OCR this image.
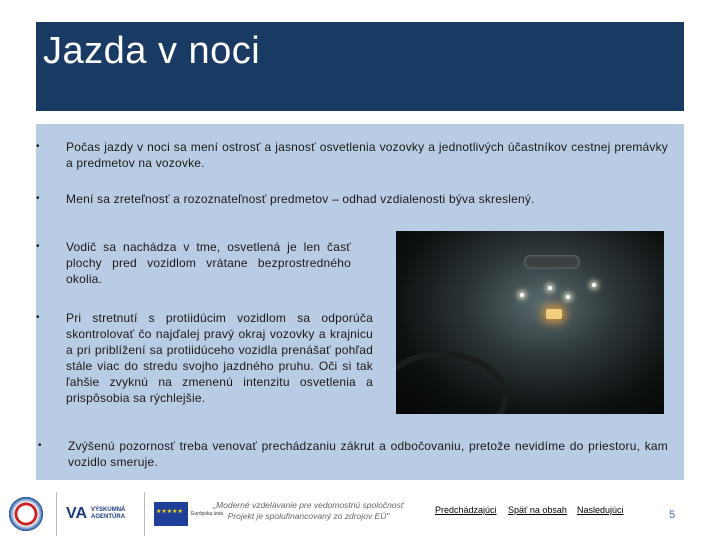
Jazda v noci
• Počas jazdy v noci sa mení ostrosť a jasnosť osvetlenia vozovky a jednotlivých účastníkov cestnej premávky a predmetov na vozovke.
• Mení sa zreteľnosť a rozoznateľnosť predmetov – odhad vzdialenosti býva skreslený.
• Vodič sa nachádza v tme, osvetlená je len časť plochy pred vozidlom vrátane bezprostredného okolia.
• Pri stretnutí s protiidúcim vozidlom sa odporúča skontrolovať čo najďalej pravý okraj vozovky a krajnicu a pri priblížení sa protiidúceho vozidla prenášať pohľad stále viac do stredu svojho jazdného pruhu. Oči si tak ľahšie zvyknú na zmenenú intenzitu osvetlenia a prispôsobia sa rýchlejšie.
• Zvýšenú pozornosť treba venovať prechádzaniu zákrut a odbočovaniu, pretože nevidíme do priestoru, kam vozidlo smeruje.
VA VÝSKUMNÁ AGENTÚRA
★★★★★	Európska únia
„Moderné vzdelávanie pre vedomostnú spoločnosť
Projekt je spolufinancovaný zo zdrojov EÚ"
Predchádzajúci Späť na obsah Nasledujúci	5
